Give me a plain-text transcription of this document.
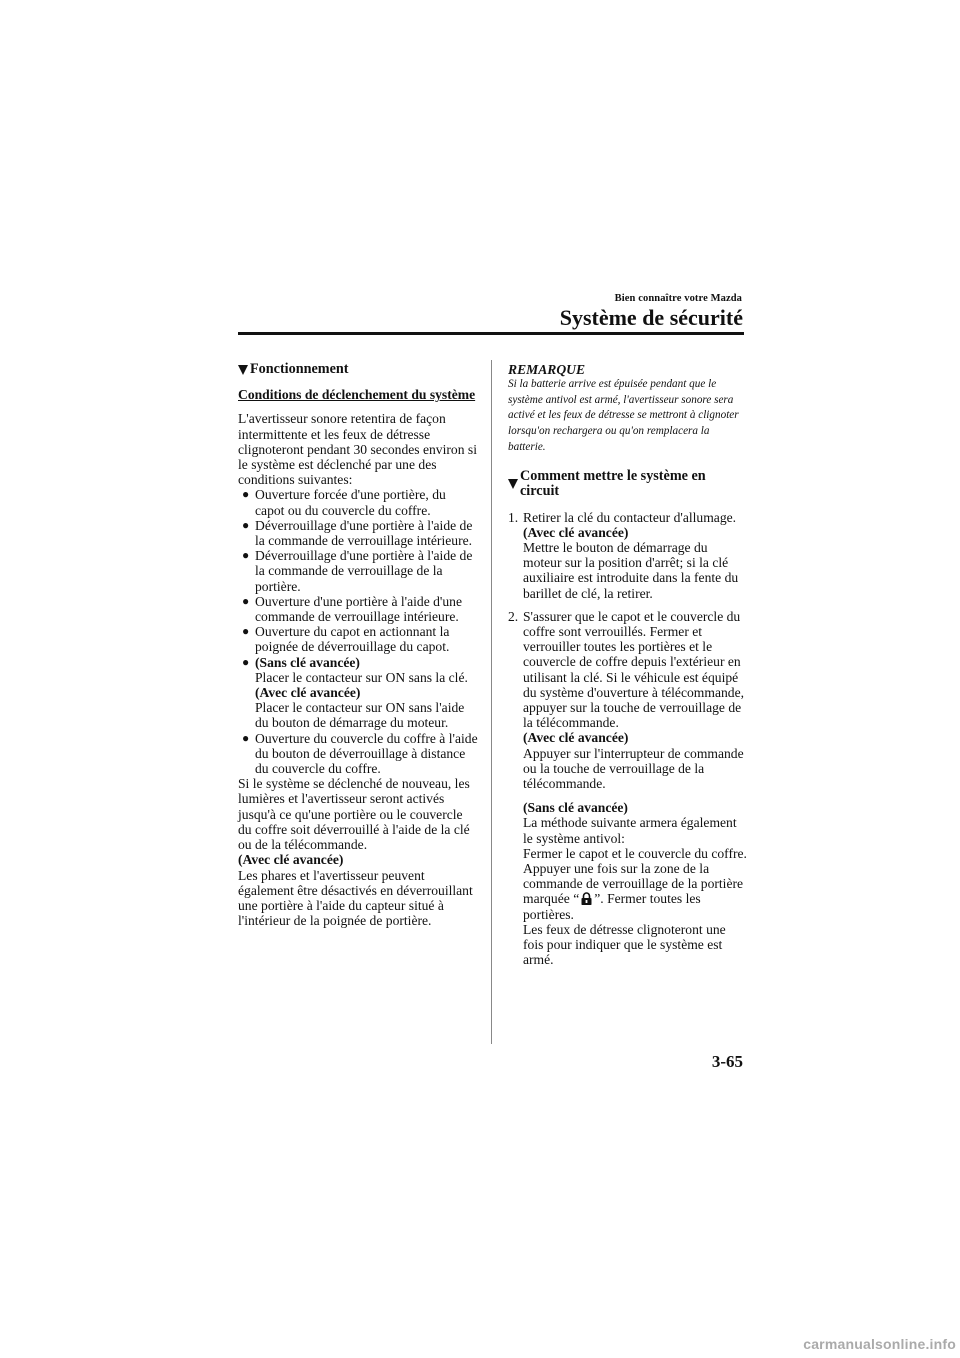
Bien connaître votre Mazda
Système de sécurité
Fonctionnement

Conditions de déclenchement du système

L'avertisseur sonore retentira de façon intermittente et les feux de détresse clignoteront pendant 30 secondes environ si le système est déclenché par une des conditions suivantes:

● Ouverture forcée d'une portière, du capot ou du couvercle du coffre.
● Déverrouillage d'une portière à l'aide de la commande de verrouillage intérieure.
● Déverrouillage d'une portière à l'aide de la commande de verrouillage de la portière.
● Ouverture d'une portière à l'aide d'une commande de verrouillage intérieure.
● Ouverture du capot en actionnant la poignée de déverrouillage du capot.
● (Sans clé avancée)
Placer le contacteur sur ON sans la clé.
(Avec clé avancée)
Placer le contacteur sur ON sans l'aide du bouton de démarrage du moteur.
● Ouverture du couvercle du coffre à l'aide du bouton de déverrouillage à distance du couvercle du coffre.

Si le système se déclenché de nouveau, les lumières et l'avertisseur seront activés jusqu'à ce qu'une portière ou le couvercle du coffre soit déverrouillé à l'aide de la clé ou de la télécommande.

(Avec clé avancée)

Les phares et l'avertisseur peuvent également être désactivés en déverrouillant une portière à l'aide du capteur situé à l'intérieur de la poignée de portière.

REMARQUE
Si la batterie arrive est épuisée pendant que le système antivol est armé, l'avertisseur sonore sera activé et les feux de détresse se mettront à clignoter lorsqu'on rechargera ou qu'on remplacera la batterie.
Comment mettre le système en circuit
1. Retirer la clé du contacteur d'allumage.
(Avec clé avancée)
Mettre le bouton de démarrage du moteur sur la position d'arrêt; si la clé auxiliaire est introduite dans la fente du barillet de clé, la retirer.
2. S'assurer que le capot et le couvercle du coffre sont verrouillés. Fermer et verrouiller toutes les portières et le couvercle de coffre depuis l'extérieur en utilisant la clé. Si le véhicule est équipé du système d'ouverture à télécommande, appuyer sur la touche de verrouillage de la télécommande.
(Avec clé avancée)
Appuyer sur l'interrupteur de commande ou la touche de verrouillage de la télécommande.
(Sans clé avancée)
La méthode suivante armera également le système antivol:
Fermer le capot et le couvercle du coffre. Appuyer une fois sur la zone de la commande de verrouillage de la portière marquée “ ”. Fermer toutes les portières.
Les feux de détresse clignoteront une fois pour indiquer que le système est armé.
3-65
carmanualsonline.info
